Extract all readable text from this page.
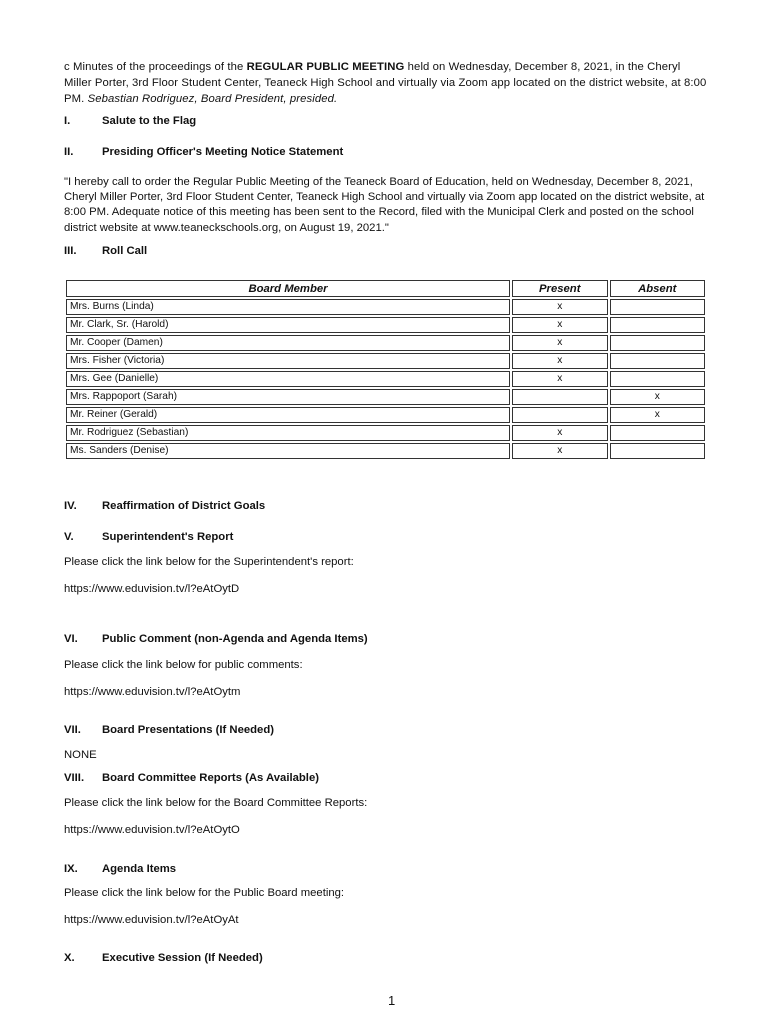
c Minutes of the proceedings of the REGULAR PUBLIC MEETING held on Wednesday, December 8, 2021, in the Cheryl Miller Porter, 3rd Floor Student Center, Teaneck High School and virtually via Zoom app located on the district website, at 8:00 PM. Sebastian Rodriguez, Board President, presided.
I.	Salute to the Flag
II.	Presiding Officer's Meeting Notice Statement
"I hereby call to order the Regular Public Meeting of the Teaneck Board of Education, held on Wednesday, December 8, 2021, Cheryl Miller Porter, 3rd Floor Student Center, Teaneck High School and virtually via Zoom app located on the district website, at 8:00 PM. Adequate notice of this meeting has been sent to the Record, filed with the Municipal Clerk and posted on the school district website at www.teaneckschools.org, on August 19, 2021."
III. Roll Call
Board Member	Present	Absent
Mrs. Burns (Linda)	x	
Mr. Clark, Sr. (Harold)	x	
Mr. Cooper (Damen)	x	
Mrs. Fisher (Victoria)	x	
Mrs. Gee (Danielle)	x	
Mrs. Rappoport (Sarah)		x
Mr. Reiner (Gerald)		x
Mr. Rodriguez (Sebastian)	x	
Ms. Sanders (Denise)	x	
IV. Reaffirmation of District Goals
V.	Superintendent's Report
Please click the link below for the Superintendent's report:
https://www.eduvision.tv/l?eAtOytD
VI. Public Comment (non-Agenda and Agenda Items)
Please click the link below for public comments:
https://www.eduvision.tv/l?eAtOytm
VII. Board Presentations (If Needed)
NONE
VIII. Board Committee Reports (As Available)
Please click the link below for the Board Committee Reports:
https://www.eduvision.tv/l?eAtOytO
IX. Agenda Items
Please click the link below for the Public Board meeting:
https://www.eduvision.tv/l?eAtOyAt
X. Executive Session (If Needed)
1
